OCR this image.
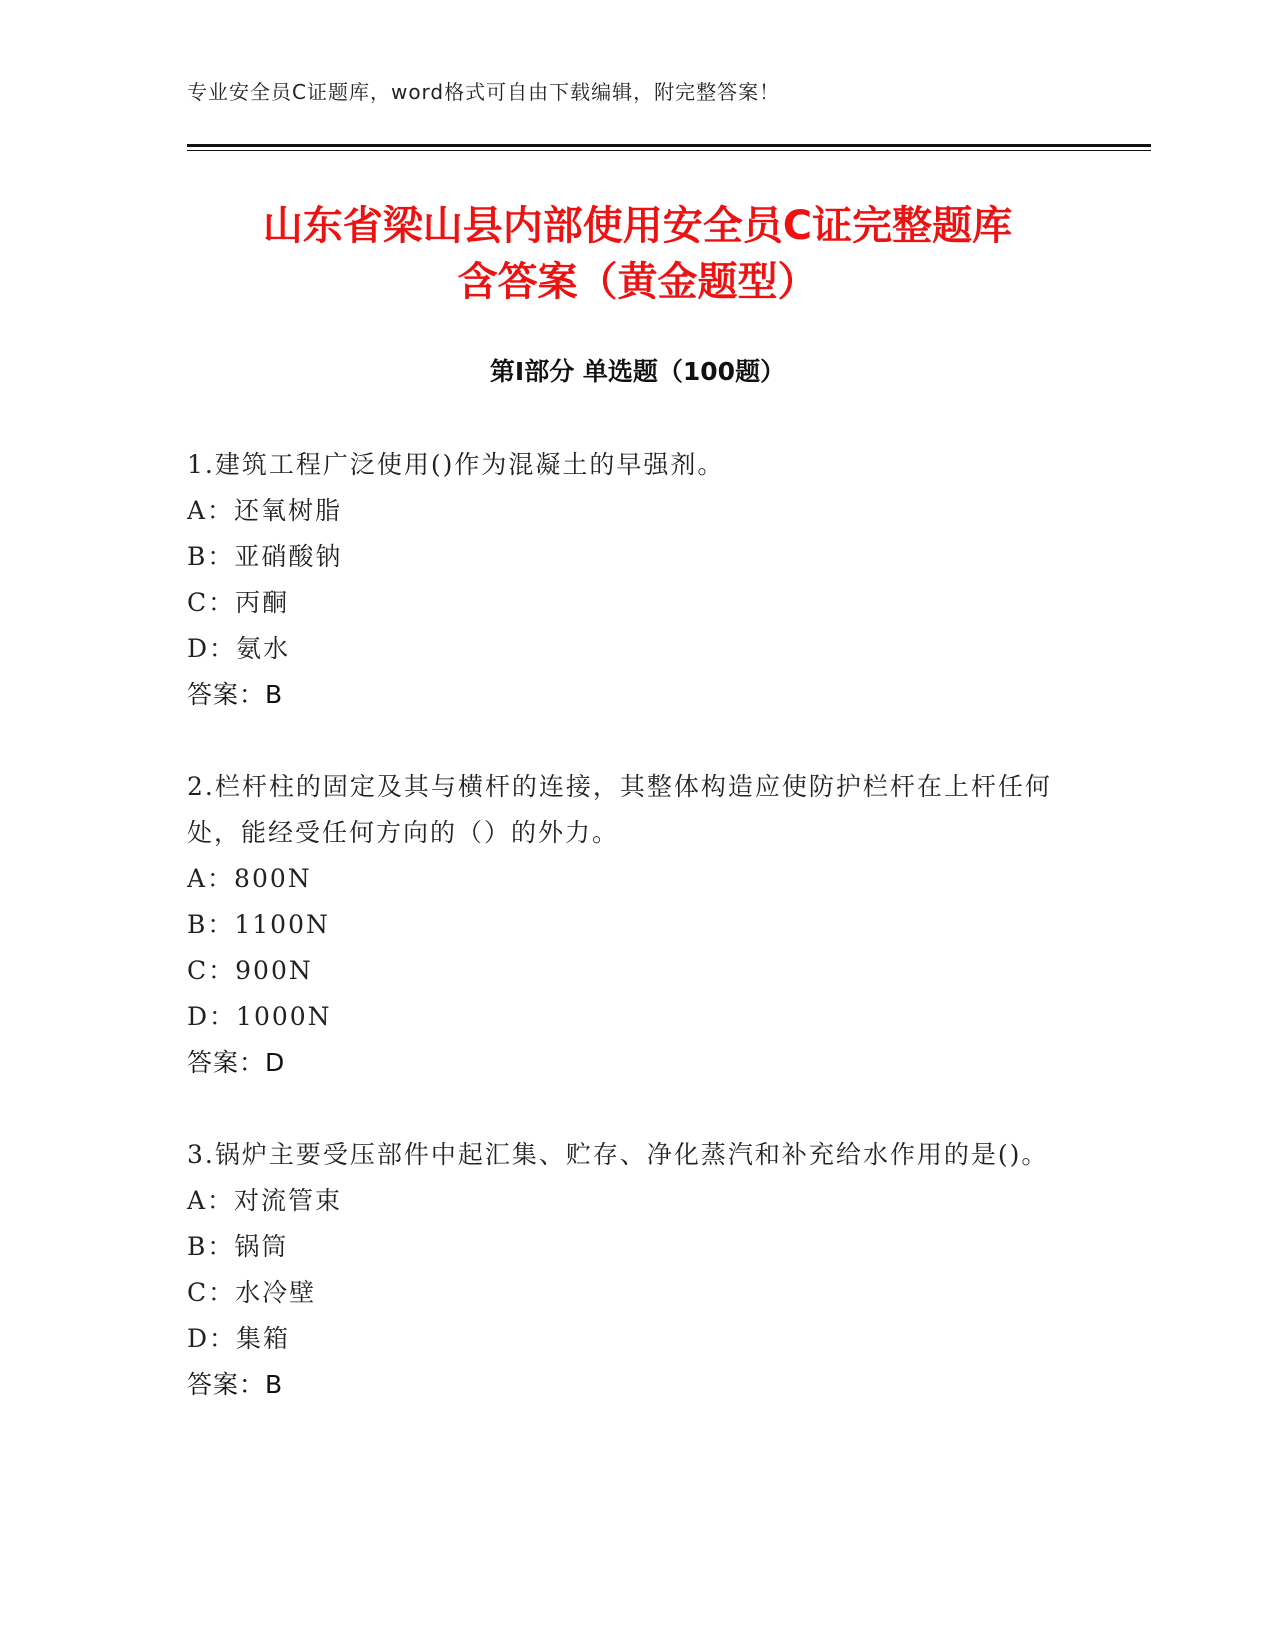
专业安全员C证题库，word格式可自由下载编辑，附完整答案！
山东省梁山县内部使用安全员C证完整题库
含答案（黄金题型）
第Ⅰ部分 单选题（100题）

1.建筑工程广泛使用()作为混凝土的早强剂。

A：还氧树脂

B：亚硝酸钠

C：丙酮

D：氨水

答案：B

2.栏杆柱的固定及其与横杆的连接，其整体构造应使防护栏杆在上杆任何处，能经受任何方向的（）的外力。

A：800N

B：1100N

C：900N

D：1000N

答案：D

3.锅炉主要受压部件中起汇集、贮存、净化蒸汽和补充给水作用的是()。

A：对流管束

B：锅筒

C：水冷壁

D：集箱

答案：B
